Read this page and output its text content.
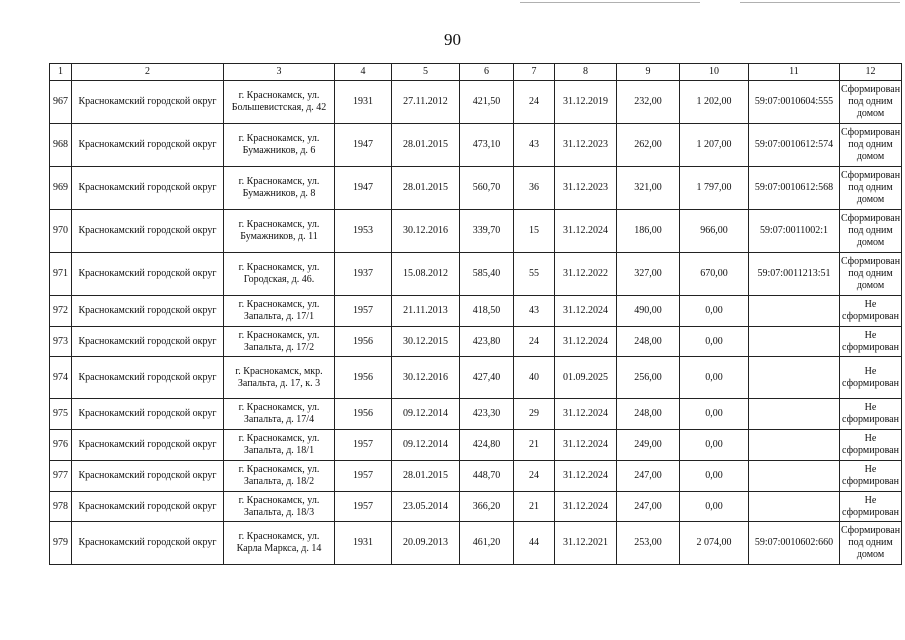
90
1	2	3	4	5	6	7	8	9	10	11	12
967	Краснокамский городской округ	г. Краснокамск, ул. Большевистская, д. 42	1931	27.11.2012	421,50	24	31.12.2019	232,00	1 202,00	59:07:0010604:555	Сформирован под одним домом
968	Краснокамский городской округ	г. Краснокамск, ул. Бумажников, д. 6	1947	28.01.2015	473,10	43	31.12.2023	262,00	1 207,00	59:07:0010612:574	Сформирован под одним домом
969	Краснокамский городской округ	г. Краснокамск, ул. Бумажников, д. 8	1947	28.01.2015	560,70	36	31.12.2023	321,00	1 797,00	59:07:0010612:568	Сформирован под одним домом
970	Краснокамский городской округ	г. Краснокамск, ул. Бумажников, д. 11	1953	30.12.2016	339,70	15	31.12.2024	186,00	966,00	59:07:0011002:1	Сформирован под одним домом
971	Краснокамский городской округ	г. Краснокамск, ул. Городская, д. 46.	1937	15.08.2012	585,40	55	31.12.2022	327,00	670,00	59:07:0011213:51	Сформирован под одним домом
972	Краснокамский городской округ	г. Краснокамск, ул. Запальта, д. 17/1	1957	21.11.2013	418,50	43	31.12.2024	490,00	0,00		Не сформирован
973	Краснокамский городской округ	г. Краснокамск, ул. Запальта, д. 17/2	1956	30.12.2015	423,80	24	31.12.2024	248,00	0,00		Не сформирован
974	Краснокамский городской округ	г. Краснокамск, мкр. Запальта, д. 17, к. 3	1956	30.12.2016	427,40	40	01.09.2025	256,00	0,00		Не сформирован
975	Краснокамский городской округ	г. Краснокамск, ул. Запальта, д. 17/4	1956	09.12.2014	423,30	29	31.12.2024	248,00	0,00		Не сформирован
976	Краснокамский городской округ	г. Краснокамск, ул. Запальта, д. 18/1	1957	09.12.2014	424,80	21	31.12.2024	249,00	0,00		Не сформирован
977	Краснокамский городской округ	г. Краснокамск, ул. Запальта, д. 18/2	1957	28.01.2015	448,70	24	31.12.2024	247,00	0,00		Не сформирован
978	Краснокамский городской округ	г. Краснокамск, ул. Запальта, д. 18/3	1957	23.05.2014	366,20	21	31.12.2024	247,00	0,00		Не сформирован
979	Краснокамский городской округ	г. Краснокамск, ул. Карла Маркса, д. 14	1931	20.09.2013	461,20	44	31.12.2021	253,00	2 074,00	59:07:0010602:660	Сформирован под одним домом
